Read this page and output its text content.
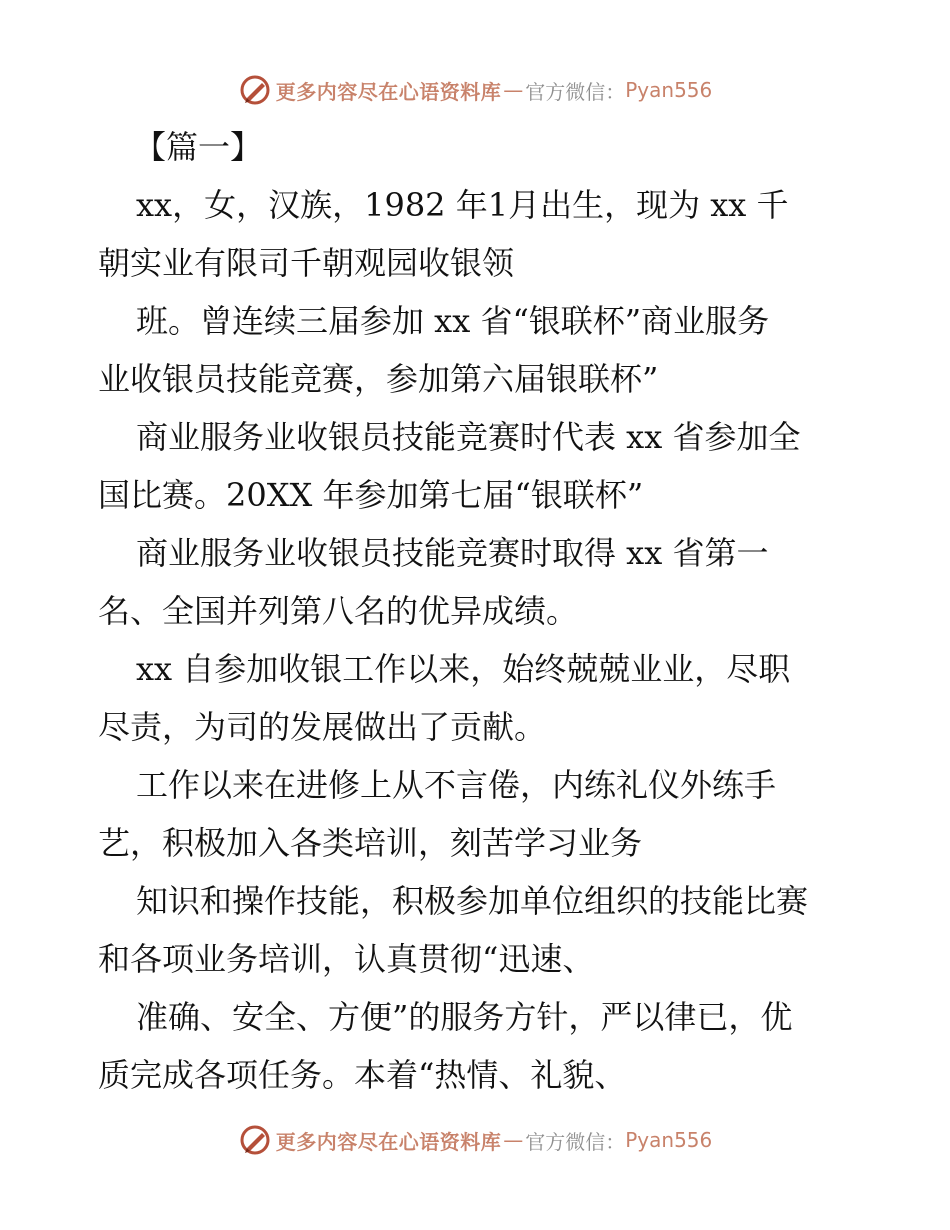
更多内容尽在心语资料库 — 官方微信： Pyan556
【篇一】
xx，女，汉族，1982 年1月出生，现为 xx 千
朝实业有限司千朝观园收银领
班。曾连续三届参加 xx 省“银联杯”商业服务
业收银员技能竞赛，参加第六届银联杯”
商业服务业收银员技能竞赛时代表 xx 省参加全
国比赛。20XX 年参加第七届“银联杯”
商业服务业收银员技能竞赛时取得 xx 省第一
名、全国并列第八名的优异成绩。
xx 自参加收银工作以来，始终兢兢业业，尽职
尽责，为司的发展做出了贡献。
工作以来在进修上从不言倦，内练礼仪外练手
艺，积极加入各类培训，刻苦学习业务
知识和操作技能，积极参加单位组织的技能比赛
和各项业务培训，认真贯彻“迅速、
准确、安全、方便”的服务方针，严以律已，优
质完成各项任务。本着“热情、礼貌、
更多内容尽在心语资料库 — 官方微信： Pyan556
